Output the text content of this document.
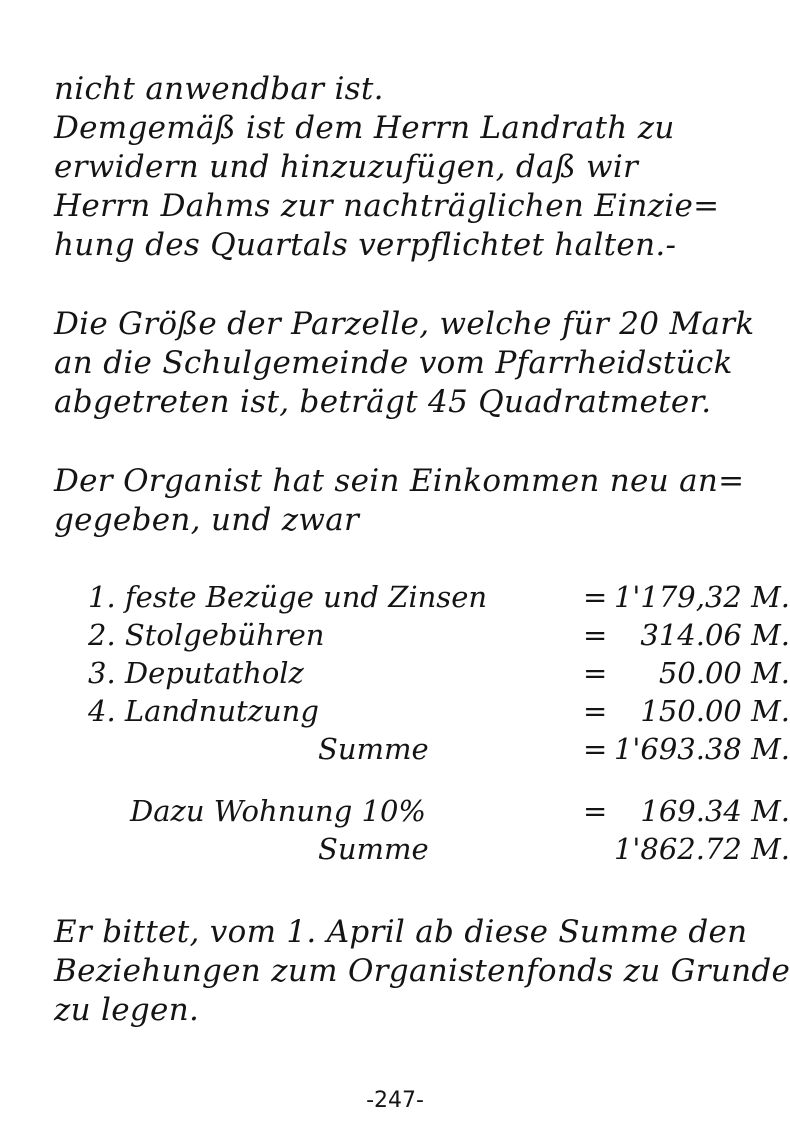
nicht anwendbar ist.
Demgemäß ist dem Herrn Landrath zu
erwidern und hinzuzufügen, daß wir
Herrn Dahms zur nachträglichen Einzie=
hung des Quartals verpflichtet halten.-
Die Größe der Parzelle, welche für 20 Mark
an die Schulgemeinde vom Pfarrheidstück
abgetreten ist, beträgt 45 Quadratmeter.
Der Organist hat sein Einkommen neu an=
gegeben, und zwar
1. feste Bezüge und Zinsen	=	1'179,32 M.
2. Stolgebühren	=	314.06 M.
3. Deputatholz	=	50.00 M.
4. Landnutzung	=	150.00 M.
Summe	=	1'693.38 M.

Dazu Wohnung 10%	=	169.34 M.
Summe		1'862.72 M.
Er bittet, vom 1. April ab diese Summe den
Beziehungen zum Organistenfonds zu Grunde
zu legen.
-247-
